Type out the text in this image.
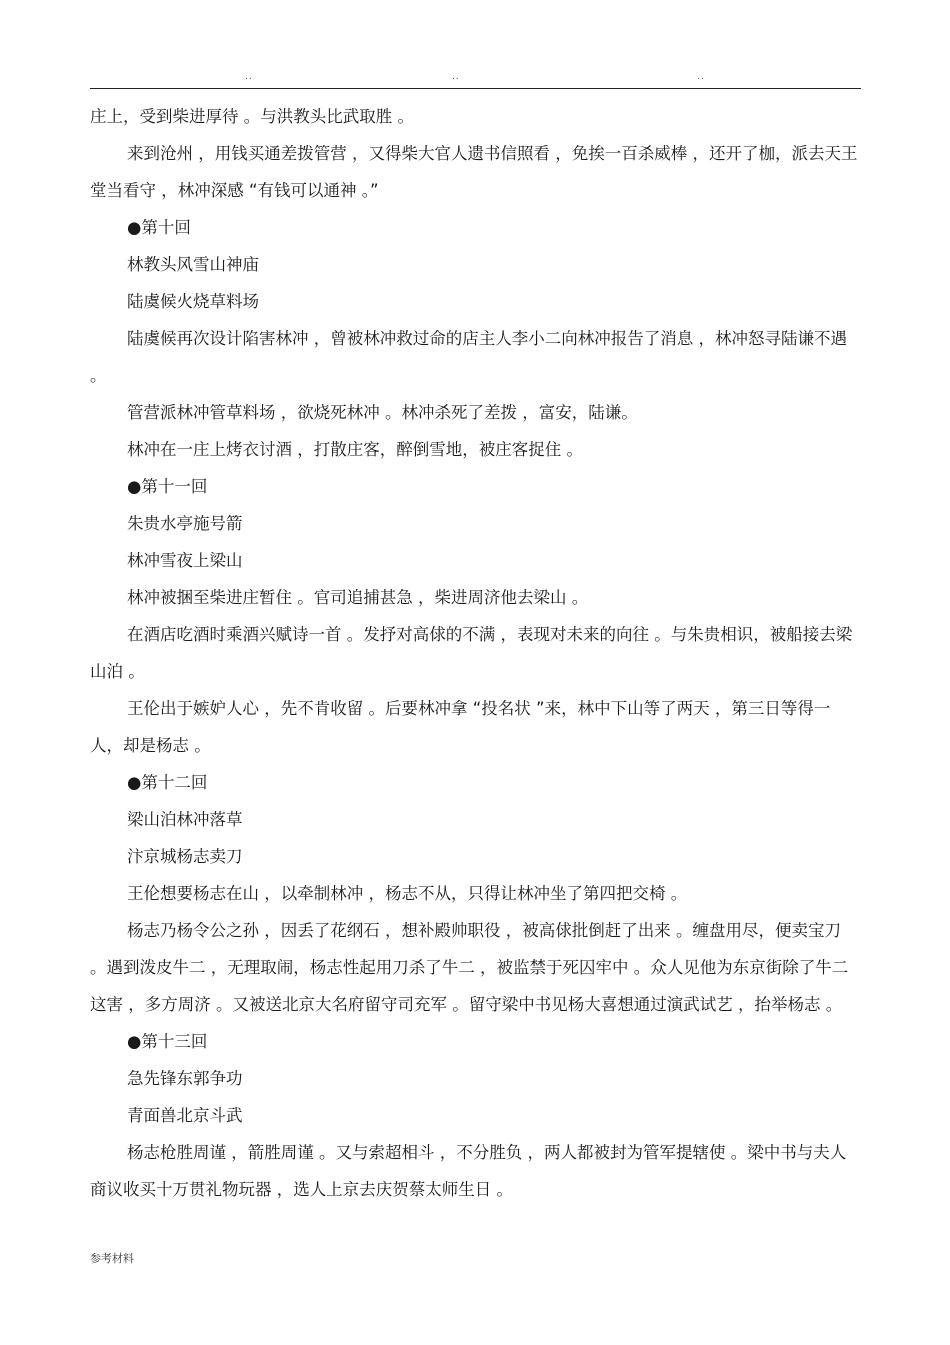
..	..	..

庄上，受到柴进厚待 。与洪教头比武取胜 。

来到沧州 ，用钱买通差拨管营 ，又得柴大官人遗书信照看 ，免挨一百杀威棒 ，还开了枷，派去天王堂当看守 ，林冲深感 “有钱可以通神 。”

●第十回

林教头风雪山神庙

陆虞候火烧草料场

陆虞候再次设计陷害林冲 ，曾被林冲救过命的店主人李小二向林冲报告了消息 ，林冲怒寻陆谦不遇 。

管营派林冲管草料场 ，欲烧死林冲 。林冲杀死了差拨 ，富安，陆谦。

林冲在一庄上烤衣讨酒 ，打散庄客，醉倒雪地，被庄客捉住 。

●第十一回

朱贵水亭施号箭

林冲雪夜上梁山

林冲被捆至柴进庄暂住 。官司追捕甚急 ，柴进周济他去梁山 。

在酒店吃酒时乘酒兴赋诗一首 。发抒对高俅的不满 ，表现对未来的向往 。与朱贵相识，被船接去梁山泊 。

王伦出于嫉妒人心 ，先不肯收留 。后要林冲拿 “投名状 ”来，林中下山等了两天 ，第三日等得一人，却是杨志 。

●第十二回

梁山泊林冲落草

汴京城杨志卖刀

王伦想要杨志在山 ，以牵制林冲 ，杨志不从，只得让林冲坐了第四把交椅 。

杨志乃杨令公之孙 ，因丢了花纲石 ，想补殿帅职役 ，被高俅批倒赶了出来 。缠盘用尽，便卖宝刀 。遇到泼皮牛二 ，无理取闹，杨志性起用刀杀了牛二 ，被监禁于死囚牢中 。众人见他为东京街除了牛二这害 ，多方周济 。又被送北京大名府留守司充军 。留守梁中书见杨大喜想通过演武试艺 ，抬举杨志 。

●第十三回

急先锋东郭争功

青面兽北京斗武

杨志枪胜周谨 ，箭胜周谨 。又与索超相斗 ，不分胜负 ，两人都被封为管军提辖使 。梁中书与夫人商议收买十万贯礼物玩器 ，选人上京去庆贺蔡太师生日 。

参考材料
